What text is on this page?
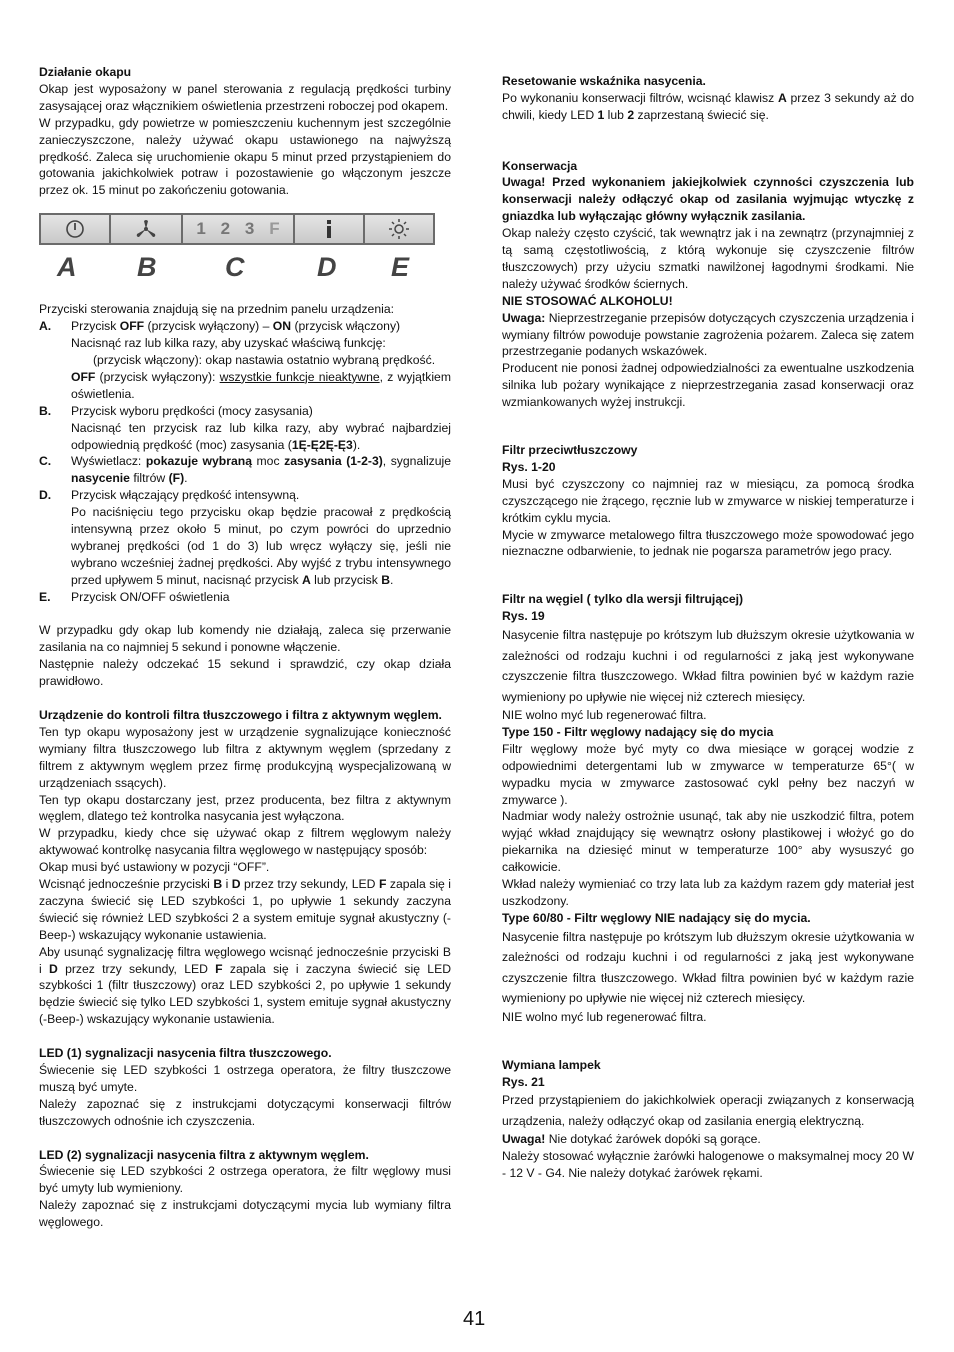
Działanie okapu

Okap jest wyposażony w panel sterowania z regulacją prędkości turbiny zasysającej oraz włącznikiem oświetlenia przestrzeni roboczej pod okapem.

W przypadku, gdy powietrze w pomieszczeniu kuchennym jest szczególnie zanieczyszczone, należy używać okapu ustawionego na najwyższą prędkość. Zaleca się uruchomienie okapu 5 minut przed przystąpieniem do gotowania jakichkolwiek potraw i pozostawienie go włączonym jeszcze przez ok. 15 minut po zakończeniu gotowania.

1 2 3 F
A B	C	D E

Przyciski sterowania znajdują się na przednim panelu urządzenia:

A.	Przycisk OFF (przycisk wyłączony) – ON (przycisk włączony)
Nacisnąć raz lub kilka razy, aby uzyskać właściwą funkcję:
(przycisk włączony): okap nastawia ostatnio wybraną prędkość.
OFF (przycisk wyłączony): wszystkie funkcje nieaktywne, z wyjątkiem oświetlenia.
B.	Przycisk wyboru prędkości (mocy zasysania)
Nacisnąć ten przycisk raz lub kilka razy, aby wybrać najbardziej odpowiednią prędkość (moc) zasysania (1Ę-Ę2Ę-Ę3).
C.	Wyświetlacz: pokazuje wybraną moc zasysania (1-2-3), sygnalizuje nasycenie filtrów (F).
D.	Przycisk włączający prędkość intensywną.
Po naciśnięciu tego przycisku okap będzie pracował z prędkością intensywną przez około 5 minut, po czym powróci do uprzednio wybranej prędkości (od 1 do 3) lub wręcz wyłączy się, jeśli nie wybrano wcześniej żadnej prędkości. Aby wyjść z trybu intensywnego przed upływem 5 minut, nacisnąć przycisk A lub przycisk B.
E.	Przycisk ON/OFF oświetlenia

W przypadku gdy okap lub komendy nie działają, zaleca się przerwanie zasilania na co najmniej 5 sekund i ponowne włączenie.

Następnie należy odczekać 15 sekund i sprawdzić, czy okap działa prawidłowo.

Urządzenie do kontroli filtra tłuszczowego i filtra z aktywnym węglem.

Ten typ okapu wyposażony jest w urządzenie sygnalizujące konieczność wymiany filtra tłuszczowego lub filtra z aktywnym węglem (sprzedany z filtrem z aktywnym węglem przez firmę produkcyjną wyspecjalizowaną w urządzeniach ssących).

Ten typ okapu dostarczany jest, przez producenta, bez filtra z aktywnym węglem, dlatego też kontrolka nasycania jest wyłączona.

W przypadku, kiedy chce się używać okap z filtrem węglowym należy aktywować kontrolkę nasycania filtra węglowego w następujący sposób:

Okap musi być ustawiony w pozycji “OFF”.

Wcisnąć jednocześnie przyciski B i D przez trzy sekundy, LED F zapala się i zaczyna świecić się LED szybkości 1, po upływie 1 sekundy zaczyna świecić się również LED szybkości 2 a system emituje sygnał akustyczny (-Beep-) wskazujący wykonanie ustawienia.

Aby usunąć sygnalizację filtra węglowego wcisnąć jednocześnie przyciski B i D przez trzy sekundy, LED F zapala się i zaczyna świecić się LED szybkości 1 (filtr tłuszczowy) oraz LED szybkości 2, po upływie 1 sekundy będzie świecić się tylko LED szybkości 1, system emituje sygnał akustyczny (-Beep-) wskazujący wykonanie ustawienia.

LED (1) sygnalizacji nasycenia filtra tłuszczowego.

Świecenie się LED szybkości 1 ostrzega operatora, że filtry tłuszczowe muszą być umyte.

Należy zapoznać się z instrukcjami dotyczącymi konserwacji filtrów tłuszczowych odnośnie ich czyszczenia.

LED (2) sygnalizacji nasycenia filtra z aktywnym węglem.

Świecenie się LED szybkości 2 ostrzega operatora, że filtr węglowy musi być umyty lub wymieniony.

Należy zapoznać się z instrukcjami dotyczącymi mycia lub wymiany filtra węglowego.

Resetowanie wskaźnika nasycenia.

Po wykonaniu konserwacji filtrów, wcisnąć klawisz A przez 3 sekundy aż do chwili, kiedy LED 1 lub 2 zaprzestaną świecić się.

Konserwacja

Uwaga! Przed wykonaniem jakiejkolwiek czynności czyszczenia lub konserwacji należy odłączyć okap od zasilania wyjmując wtyczkę z gniazdka lub wyłączając główny wyłącznik zasilania.

Okap należy często czyścić, tak wewnątrz jak i na zewnątrz (przynajmniej z tą samą częstotliwością, z którą wykonuje się czyszczenie filtrów tłuszczowych) przy użyciu szmatki nawilżonej łagodnymi środkami. Nie należy używać środków ściernych.

NIE STOSOWAĆ ALKOHOLU!

Uwaga: Nieprzestrzeganie przepisów dotyczących czyszczenia urządzenia i wymiany filtrów powoduje powstanie zagrożenia pożarem. Zaleca się zatem przestrzeganie podanych wskazówek.

Producent nie ponosi żadnej odpowiedzialności za ewentualne uszkodzenia silnika lub pożary wynikające z nieprzestrzegania zasad konserwacji oraz wzmiankowanych wyżej instrukcji.

Filtr przeciwtłuszczowy

Rys. 1-20

Musi być czyszczony co najmniej raz w miesiącu, za pomocą środka czyszczącego nie żrącego, ręcznie lub w zmywarce w niskiej temperaturze i krótkim cyklu mycia.

Mycie w zmywarce metalowego filtra tłuszczowego może spowodować jego nieznaczne odbarwienie, to jednak nie pogarsza parametrów jego pracy.

Filtr na węgiel ( tylko dla wersji filtrującej)

Rys. 19

Nasycenie filtra następuje po krótszym lub dłuższym okresie użytkowania w zależności od rodzaju kuchni i od regularności z jaką jest wykonywane czyszczenie filtra tłuszczowego. Wkład filtra powinien być w każdym razie wymieniony po upływie nie więcej niż czterech miesięcy.

NIE wolno myć lub regenerować filtra.

Type 150 - Filtr węglowy nadający się do mycia

Filtr węglowy może być myty co dwa miesiące w gorącej wodzie z odpowiednimi detergentami lub w zmywarce w temperaturze 65°( w wypadku mycia w zmywarce zastosować cykl pełny bez naczyń w zmywarce ).

Nadmiar wody należy ostrożnie usunąć, tak aby nie uszkodzić filtra, potem wyjąć wkład znajdujący się wewnątrz osłony plastikowej i włożyć go do piekarnika na dziesięć minut w temperaturze 100° aby wysuszyć go całkowicie.

Wkład należy wymieniać co trzy lata lub za każdym razem gdy materiał jest uszkodzony.

Type 60/80 - Filtr węglowy NIE nadający się do mycia.

Nasycenie filtra następuje po krótszym lub dłuższym okresie użytkowania w zależności od rodzaju kuchni i od regularności z jaką jest wykonywane czyszczenie filtra tłuszczowego. Wkład filtra powinien być w każdym razie wymieniony po upływie nie więcej niż czterech miesięcy.

NIE wolno myć lub regenerować filtra.

Wymiana lampek

Rys. 21

Przed przystąpieniem do jakichkolwiek operacji związanych z konserwacją urządzenia, należy odłączyć okap od zasilania energią elektryczną.

Uwaga! Nie dotykać żarówek dopóki są gorące.

Należy stosować wyłącznie żarówki halogenowe o maksymalnej mocy 20 W - 12 V - G4. Nie należy dotykać żarówek rękami.

41
